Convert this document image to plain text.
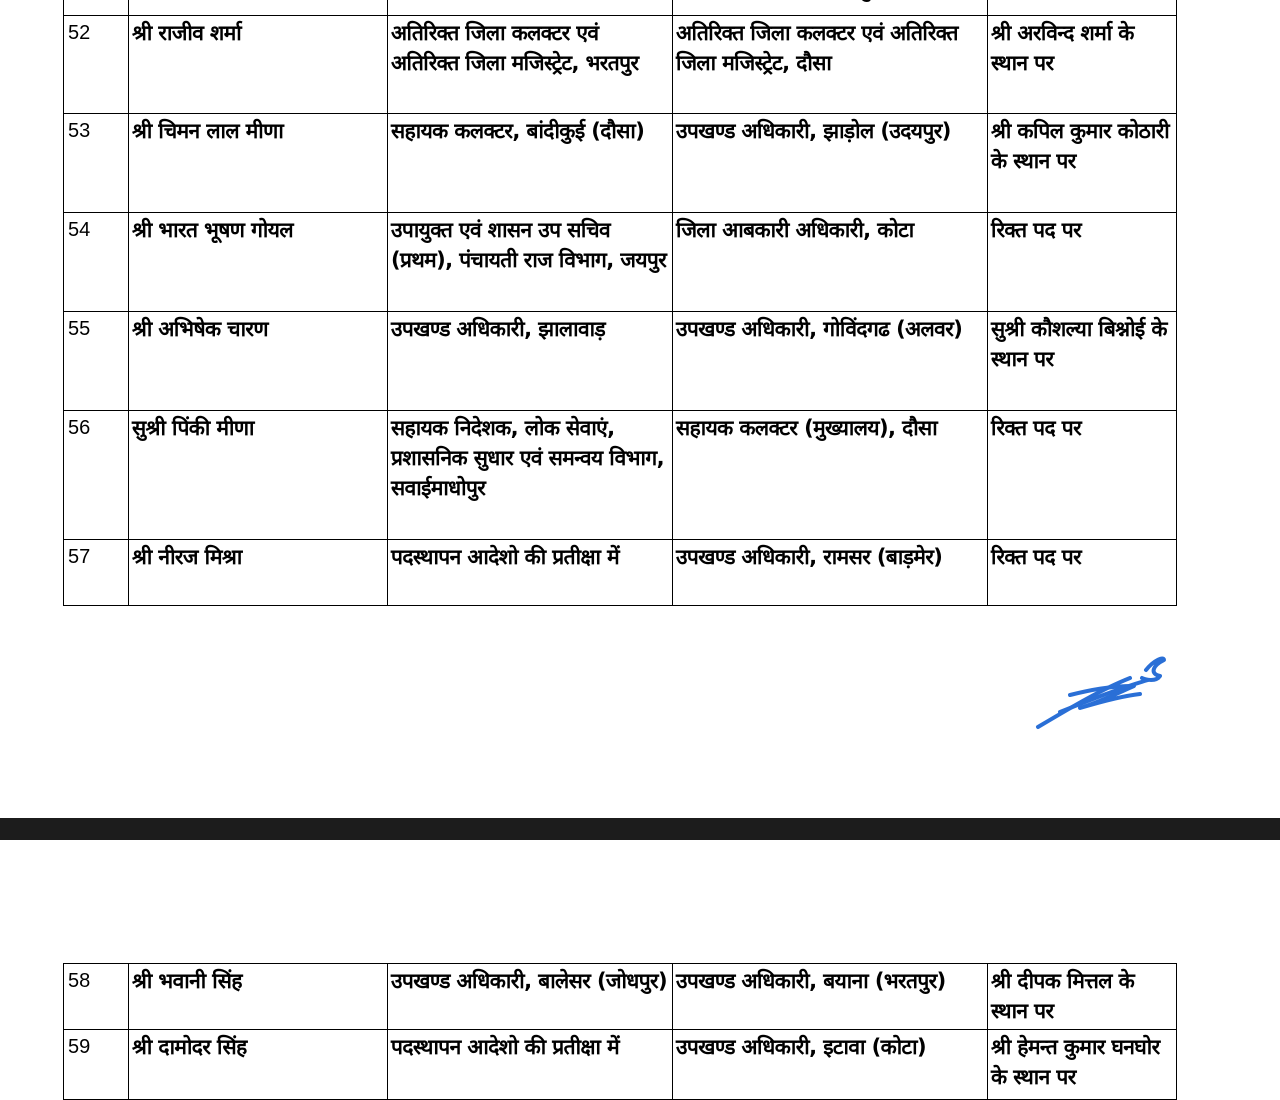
52	श्री राजीव शर्मा	अतिरिक्त जिला कलक्टर एवं अतिरिक्त जिला मजिस्ट्रेट, भरतपुर	अतिरिक्त जिला कलक्टर एवं अतिरिक्त जिला मजिस्ट्रेट, दौसा	श्री अरविन्द शर्मा के स्थान पर
53	श्री चिमन लाल मीणा	सहायक कलक्टर, बांदीकुई (दौसा)	उपखण्ड अधिकारी, झाड़ोल (उदयपुर)	श्री कपिल कुमार कोठारी के स्थान पर
54	श्री भारत भूषण गोयल	उपायुक्त एवं शासन उप सचिव (प्रथम), पंचायती राज विभाग, जयपुर	जिला आबकारी अधिकारी, कोटा	रिक्त पद पर
55	श्री अभिषेक चारण	उपखण्ड अधिकारी, झालावाड़	उपखण्ड अधिकारी, गोविंदगढ (अलवर)	सुश्री कौशल्या बिश्नोई के स्थान पर
56	सुश्री पिंकी मीणा	सहायक निदेशक, लोक सेवाएं, प्रशासनिक सुधार एवं समन्वय विभाग, सवाईमाधोपुर	सहायक कलक्टर (मुख्यालय), दौसा	रिक्त पद पर
57	श्री नीरज मिश्रा	पदस्थापन आदेशो की प्रतीक्षा में	उपखण्ड अधिकारी, रामसर (बाड़मेर)	रिक्त पद पर
58	श्री भवानी सिंह	उपखण्ड अधिकारी, बालेसर (जोधपुर)	उपखण्ड अधिकारी, बयाना (भरतपुर)	श्री दीपक मित्तल के स्थान पर
59	श्री दामोदर सिंह	पदस्थापन आदेशो की प्रतीक्षा में	उपखण्ड अधिकारी, इटावा (कोटा)	श्री हेमन्त कुमार घनघोर के स्थान पर
